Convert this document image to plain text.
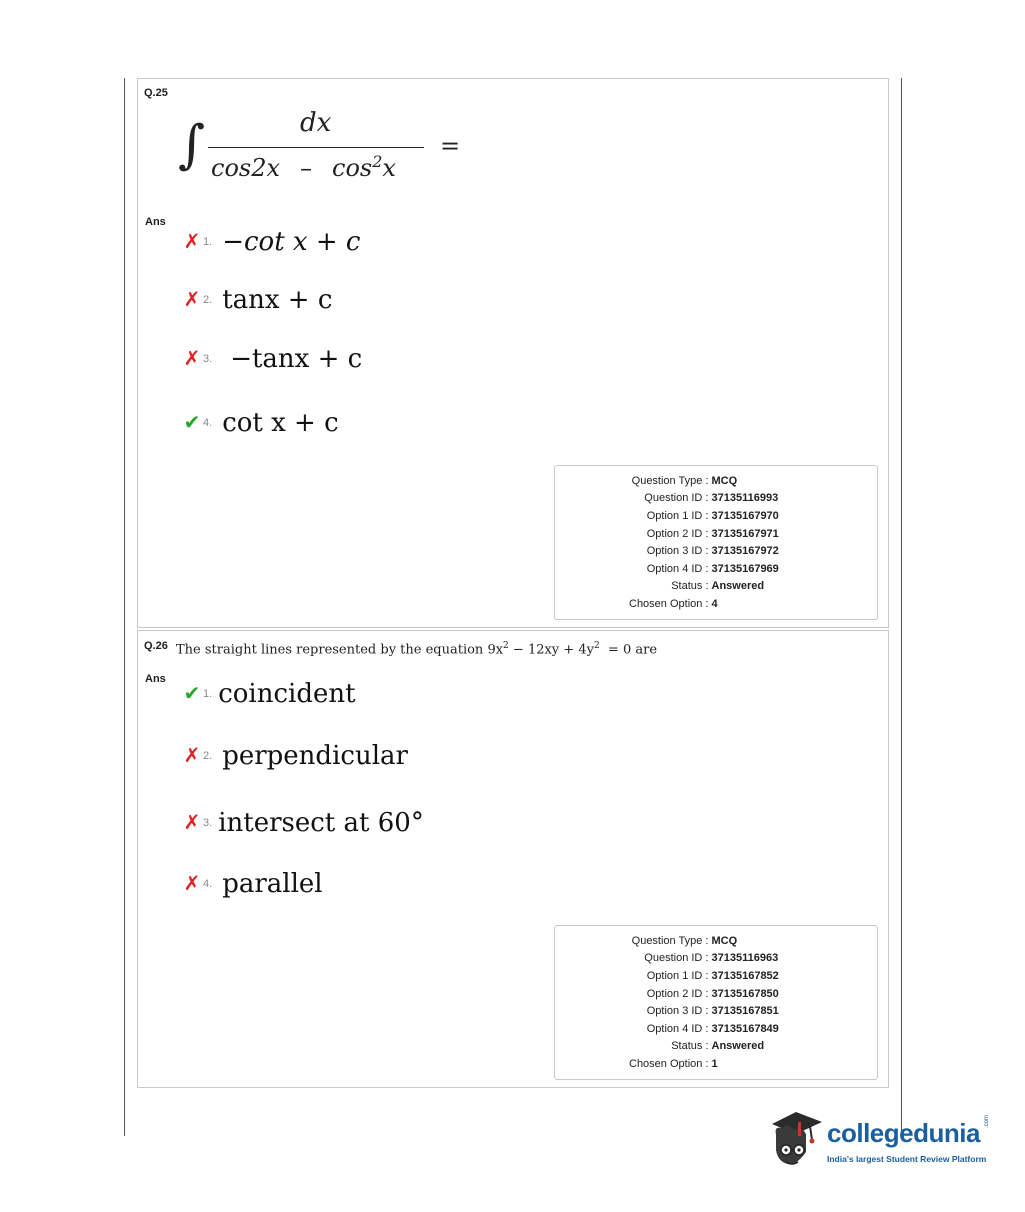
Q.25
∫	dx
$\cos 2x - \cos^2x$
=
Ans
✗ 1. −cot x + c
✗ 2. tanx + c
✗ 3. −tanx + c
✔ 4. cot x + c
Question Type :	MCQ
Question ID :	37135116993
Option 1 ID :	37135167970
Option 2 ID :	37135167971
Option 3 ID :	37135167972
Option 4 ID :	37135167969
Status :	Answered
Chosen Option :	4
Q.26 The straight lines represented by the equation $9x^2 - 12xy + 4y^2 = 0$ are
Ans
✔ 1. coincident
✗ 2. perpendicular
✗ 3. intersect at 60°
✗ 4. parallel
Question Type :	MCQ
Question ID :	37135116963
Option 1 ID :	37135167852
Option 2 ID :	37135167850
Option 3 ID :	37135167851
Option 4 ID :	37135167849
Status :	Answered
Chosen Option :	1
collegedunia .com
India's largest Student Review Platform
